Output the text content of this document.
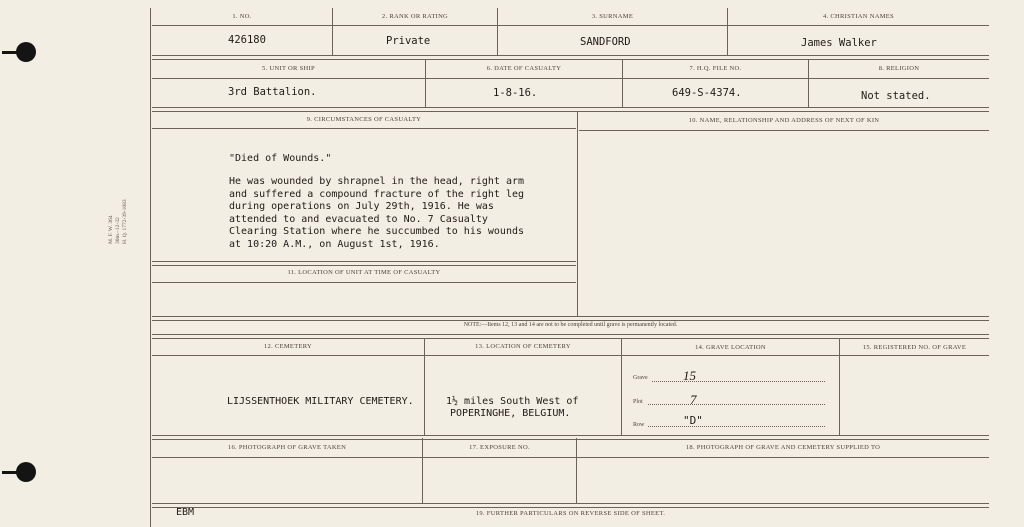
M. F. W. 364 30m.–12-32 H. Q. 1772-39-1083
1. NO.	2. RANK OR RATING	3. SURNAME	4. CHRISTIAN NAMES
426180	Private	SANDFORD	James Walker
5. UNIT OR SHIP	6. DATE OF CASUALTY	7. H.Q. FILE NO.	8. RELIGION
3rd Battalion.	1-8-16.	649-S-4374.	Not stated.
9. CIRCUMSTANCES OF CASUALTY	10. NAME, RELATIONSHIP AND ADDRESS OF NEXT OF KIN
"Died of Wounds."
He was wounded by shrapnel in the head, right arm
and suffered a compound fracture of the right leg
during operations on July 29th, 1916. He was
attended to and evacuated to No. 7 Casualty
Clearing Station where he succumbed to his wounds
at 10:20 A.M., on August 1st, 1916.
11. LOCATION OF UNIT AT TIME OF CASUALTY
NOTE:—Items 12, 13 and 14 are not to be completed until grave is permanently located.
12. CEMETERY	13. LOCATION OF CEMETERY	14. GRAVE LOCATION	15. REGISTERED NO. OF GRAVE
LIJSSENTHOEK MILITARY CEMETERY.	1½ miles South West of
POPERINGHE, BELGIUM.
Grave	15
Plot	7
Row	"D"
16. PHOTOGRAPH OF GRAVE TAKEN	17. EXPOSURE NO.	18. PHOTOGRAPH OF GRAVE AND CEMETERY SUPPLIED TO
19. FURTHER PARTICULARS ON REVERSE SIDE OF SHEET.
EBM
